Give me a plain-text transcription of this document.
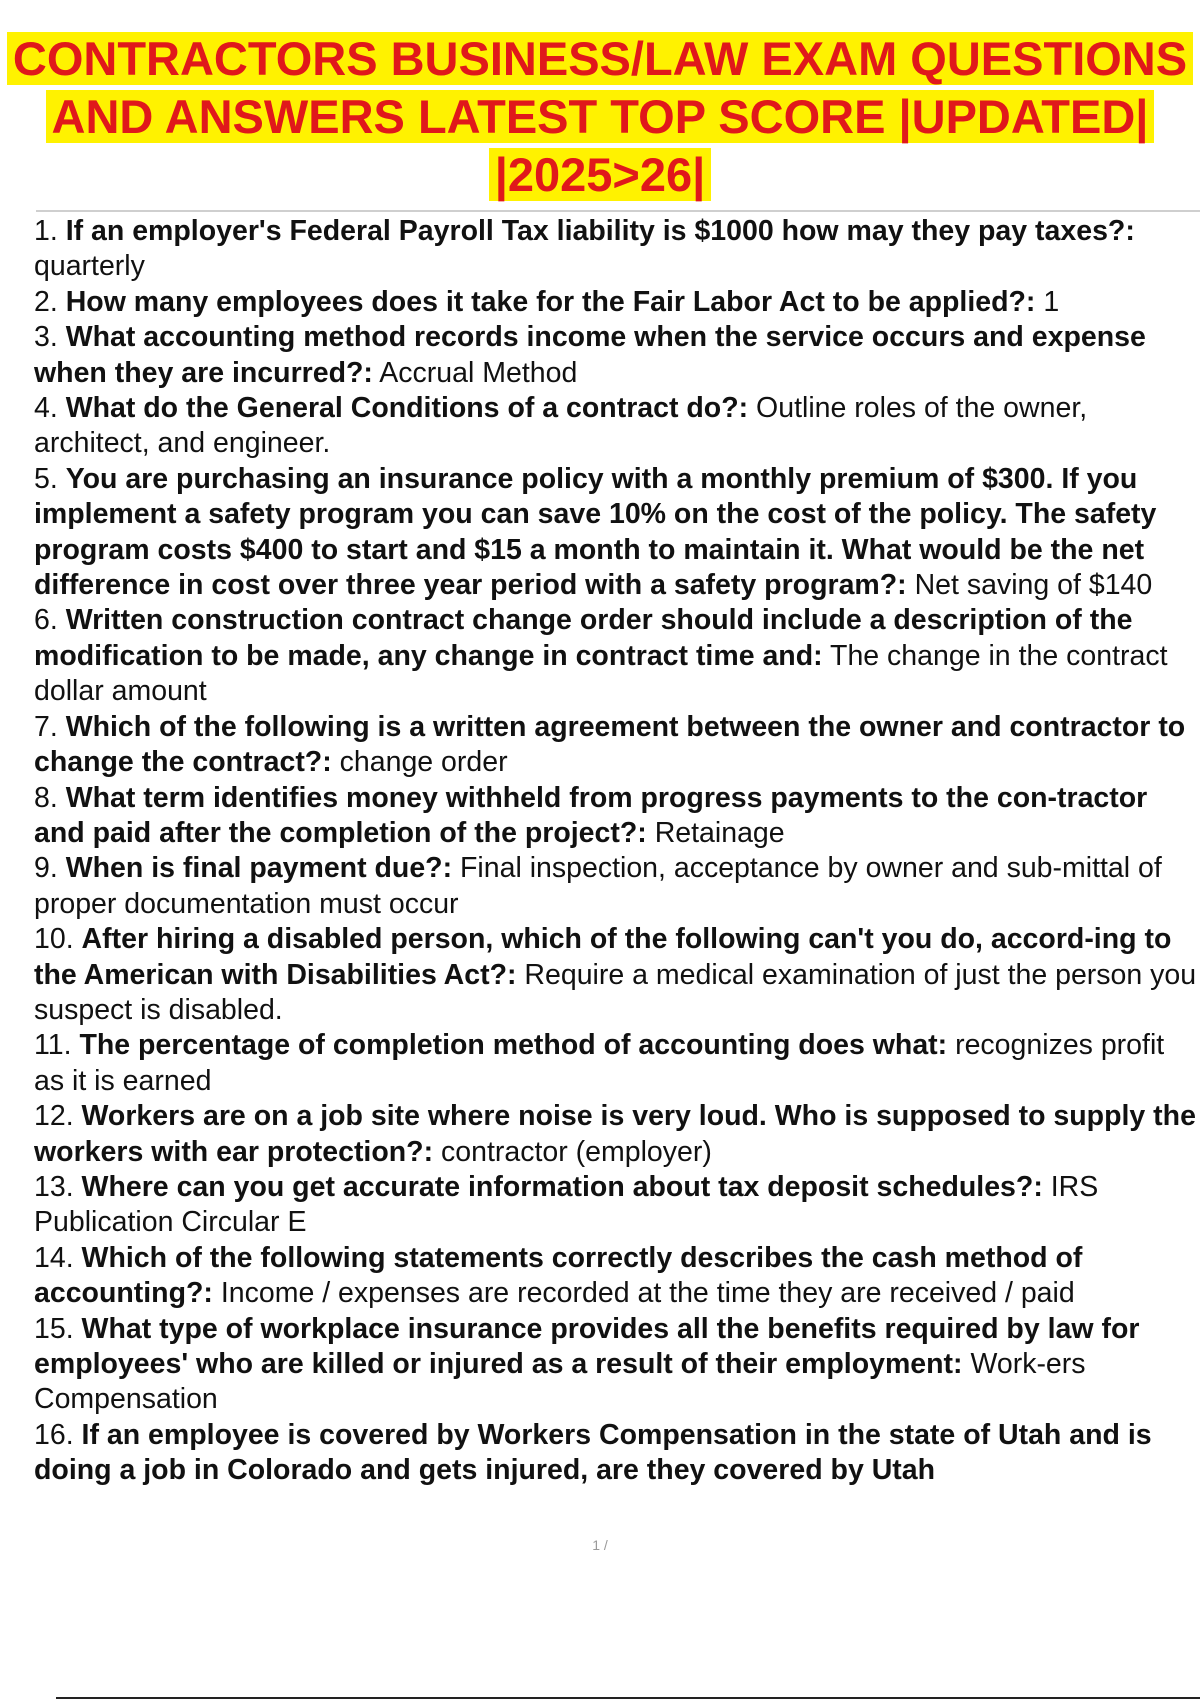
CONTRACTORS BUSINESS/LAW EXAM QUESTIONS
AND ANSWERS LATEST TOP SCORE |UPDATED|
|2025>26|

1. If an employer's Federal Payroll Tax liability is $1000 how may they pay taxes?: quarterly

2. How many employees does it take for the Fair Labor Act to be applied?: 1

3. What accounting method records income when the service occurs and expense when they are incurred?: Accrual Method

4. What do the General Conditions of a contract do?: Outline roles of the owner, architect, and engineer.

5. You are purchasing an insurance policy with a monthly premium of $300. If you implement a safety program you can save 10% on the cost of the policy. The safety program costs $400 to start and $15 a month to maintain it. What would be the net difference in cost over three year period with a safety program?: Net saving of $140

6. Written construction contract change order should include a description of the modification to be made, any change in contract time and: The change in the contract dollar amount

7. Which of the following is a written agreement between the owner and contractor to change the contract?: change order

8. What term identifies money withheld from progress payments to the con-tractor and paid after the completion of the project?: Retainage

9. When is final payment due?: Final inspection, acceptance by owner and sub-mittal of proper documentation must occur

10. After hiring a disabled person, which of the following can't you do, accord-ing to the American with Disabilities Act?: Require a medical examination of just the person you suspect is disabled.

11. The percentage of completion method of accounting does what: recognizes profit as it is earned

12. Workers are on a job site where noise is very loud. Who is supposed to supply the workers with ear protection?: contractor (employer)

13. Where can you get accurate information about tax deposit schedules?: IRS Publication Circular E

14. Which of the following statements correctly describes the cash method of accounting?: Income / expenses are recorded at the time they are received / paid

15. What type of workplace insurance provides all the benefits required by law for employees' who are killed or injured as a result of their employment: Work-ers Compensation

16. If an employee is covered by Workers Compensation in the state of Utah and is doing a job in Colorado and gets injured, are they covered by Utah

1 /
